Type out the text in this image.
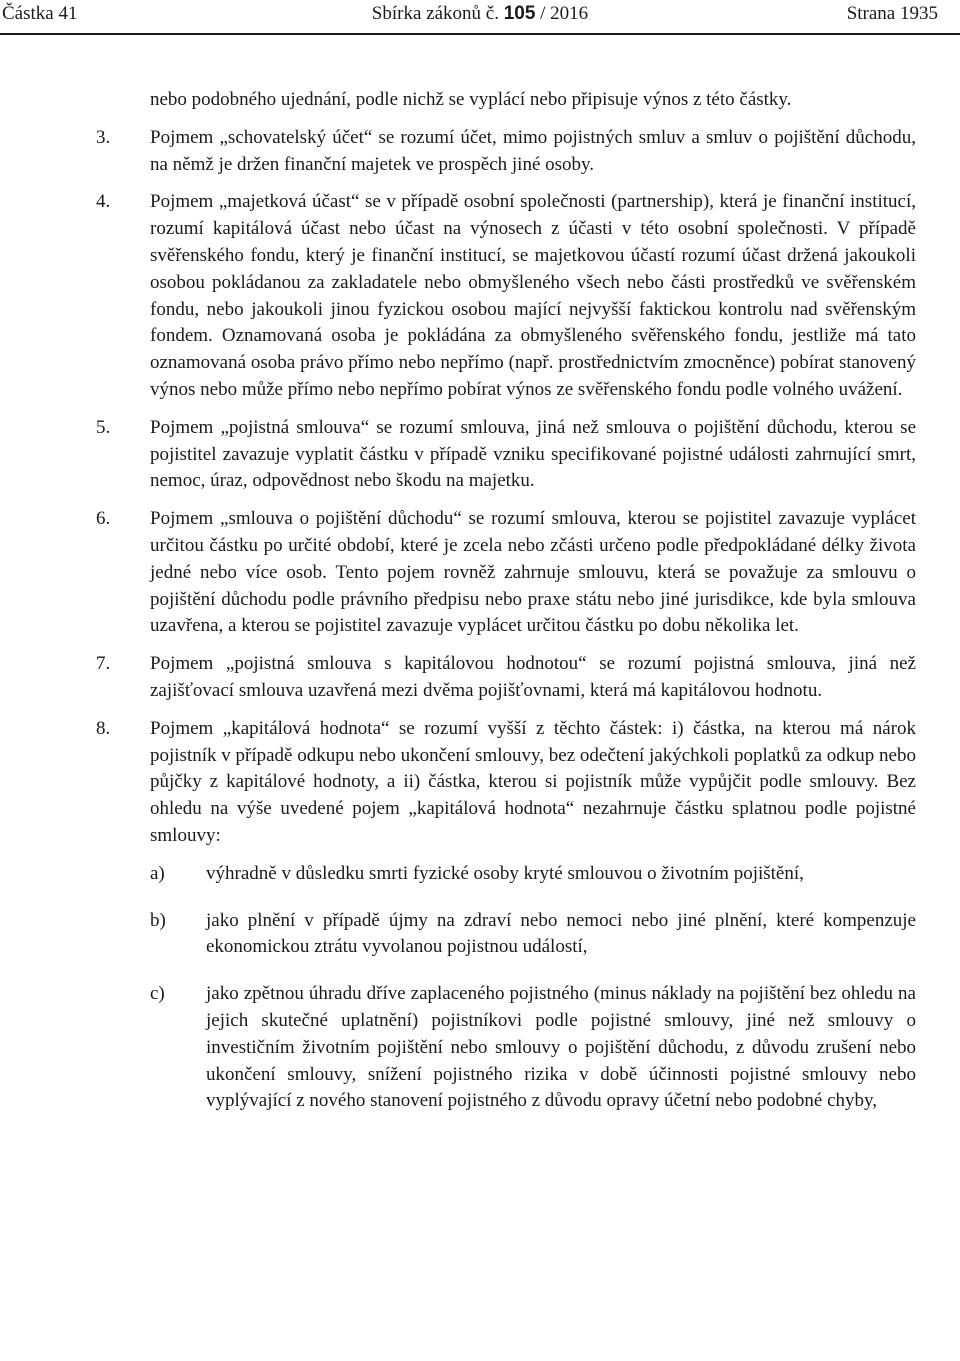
Částka 41	Sbírka zákonů č. 105 / 2016	Strana 1935
nebo podobného ujednání, podle nichž se vyplácí nebo připisuje výnos z této částky.
3. Pojmem „schovatelský účet“ se rozumí účet, mimo pojistných smluv a smluv o pojištění důchodu, na němž je držen finanční majetek ve prospěch jiné osoby.
4. Pojmem „majetková účast“ se v případě osobní společnosti (partnership), která je finanční institucí, rozumí kapitálová účast nebo účast na výnosech z účasti v této osobní společnosti. V případě svěřenského fondu, který je finanční institucí, se majetkovou účastí rozumí účast držená jakoukoli osobou pokládanou za zakladatele nebo obmyšleného všech nebo části prostředků ve svěřenském fondu, nebo jakoukoli jinou fyzickou osobou mající nejvyšší faktickou kontrolu nad svěřenským fondem. Oznamovaná osoba je pokládána za obmyšleného svěřenského fondu, jestliže má tato oznamovaná osoba právo přímo nebo nepřímo (např. prostřednictvím zmocněnce) pobírat stanovený výnos nebo může přímo nebo nepřímo pobírat výnos ze svěřenského fondu podle volného uvážení.
5. Pojmem „pojistná smlouva“ se rozumí smlouva, jiná než smlouva o pojištění důchodu, kterou se pojistitel zavazuje vyplatit částku v případě vzniku specifikované pojistné události zahrnující smrt, nemoc, úraz, odpovědnost nebo škodu na majetku.
6. Pojmem „smlouva o pojištění důchodu“ se rozumí smlouva, kterou se pojistitel zavazuje vyplácet určitou částku po určité období, které je zcela nebo zčásti určeno podle předpokládané délky života jedné nebo více osob. Tento pojem rovněž zahrnuje smlouvu, která se považuje za smlouvu o pojištění důchodu podle právního předpisu nebo praxe státu nebo jiné jurisdikce, kde byla smlouva uzavřena, a kterou se pojistitel zavazuje vyplácet určitou částku po dobu několika let.
7. Pojmem „pojistná smlouva s kapitálovou hodnotou“ se rozumí pojistná smlouva, jiná než zajišťovací smlouva uzavřená mezi dvěma pojišťovnami, která má kapitálovou hodnotu.
8. Pojmem „kapitálová hodnota“ se rozumí vyšší z těchto částek: i) částka, na kterou má nárok pojistník v případě odkupu nebo ukončení smlouvy, bez odečtení jakýchkoli poplatků za odkup nebo půjčky z kapitálové hodnoty, a ii) částka, kterou si pojistník může vypůjčit podle smlouvy. Bez ohledu na výše uvedené pojem „kapitálová hodnota“ nezahrnuje částku splatnou podle pojistné smlouvy:
a) výhradně v důsledku smrti fyzické osoby kryté smlouvou o životním pojištění,
b) jako plnění v případě újmy na zdraví nebo nemoci nebo jiné plnění, které kompenzuje ekonomickou ztrátu vyvolanou pojistnou událostí,
c) jako zpětnou úhradu dříve zaplaceného pojistného (minus náklady na pojištění bez ohledu na jejich skutečné uplatnění) pojistníkovi podle pojistné smlouvy, jiné než smlouvy o investičním životním pojištění nebo smlouvy o pojištění důchodu, z důvodu zrušení nebo ukončení smlouvy, snížení pojistného rizika v době účinnosti pojistné smlouvy nebo vyplývající z nového stanovení pojistného z důvodu opravy účetní nebo podobné chyby,
